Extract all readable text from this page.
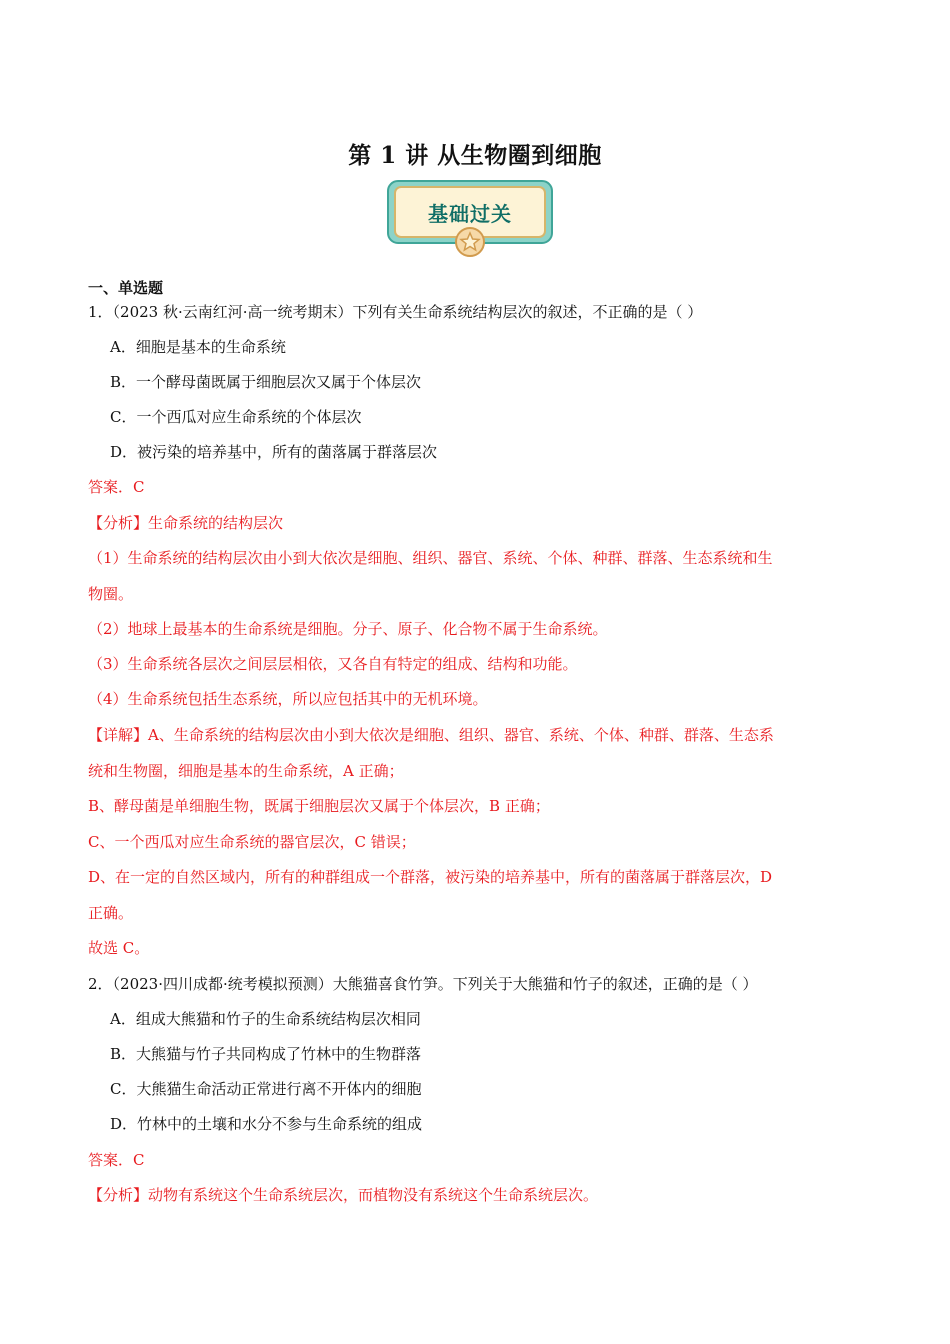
第 1 讲 从生物圈到细胞
基础过关
一、单选题
1．（2023 秋·云南红河·高一统考期末）下列有关生命系统结构层次的叙述，不正确的是（ ）
A．细胞是基本的生命系统
B．一个酵母菌既属于细胞层次又属于个体层次
C．一个西瓜对应生命系统的个体层次
D．被污染的培养基中，所有的菌落属于群落层次
答案．C
【分析】生命系统的结构层次
（1）生命系统的结构层次由小到大依次是细胞、组织、器官、系统、个体、种群、群落、生态系统和生
物圈。
（2）地球上最基本的生命系统是细胞。分子、原子、化合物不属于生命系统。
（3）生命系统各层次之间层层相依，又各自有特定的组成、结构和功能。
（4）生命系统包括生态系统，所以应包括其中的无机环境。
【详解】A、生命系统的结构层次由小到大依次是细胞、组织、器官、系统、个体、种群、群落、生态系
统和生物圈，细胞是基本的生命系统，A 正确；
B、酵母菌是单细胞生物，既属于细胞层次又属于个体层次，B 正确；
C、一个西瓜对应生命系统的器官层次，C 错误；
D、在一定的自然区域内，所有的种群组成一个群落，被污染的培养基中，所有的菌落属于群落层次，D
正确。
故选 C。
2．（2023·四川成都·统考模拟预测）大熊猫喜食竹笋。下列关于大熊猫和竹子的叙述，正确的是（ ）
A．组成大熊猫和竹子的生命系统结构层次相同
B．大熊猫与竹子共同构成了竹林中的生物群落
C．大熊猫生命活动正常进行离不开体内的细胞
D．竹林中的土壤和水分不参与生命系统的组成
答案．C
【分析】动物有系统这个生命系统层次，而植物没有系统这个生命系统层次。
